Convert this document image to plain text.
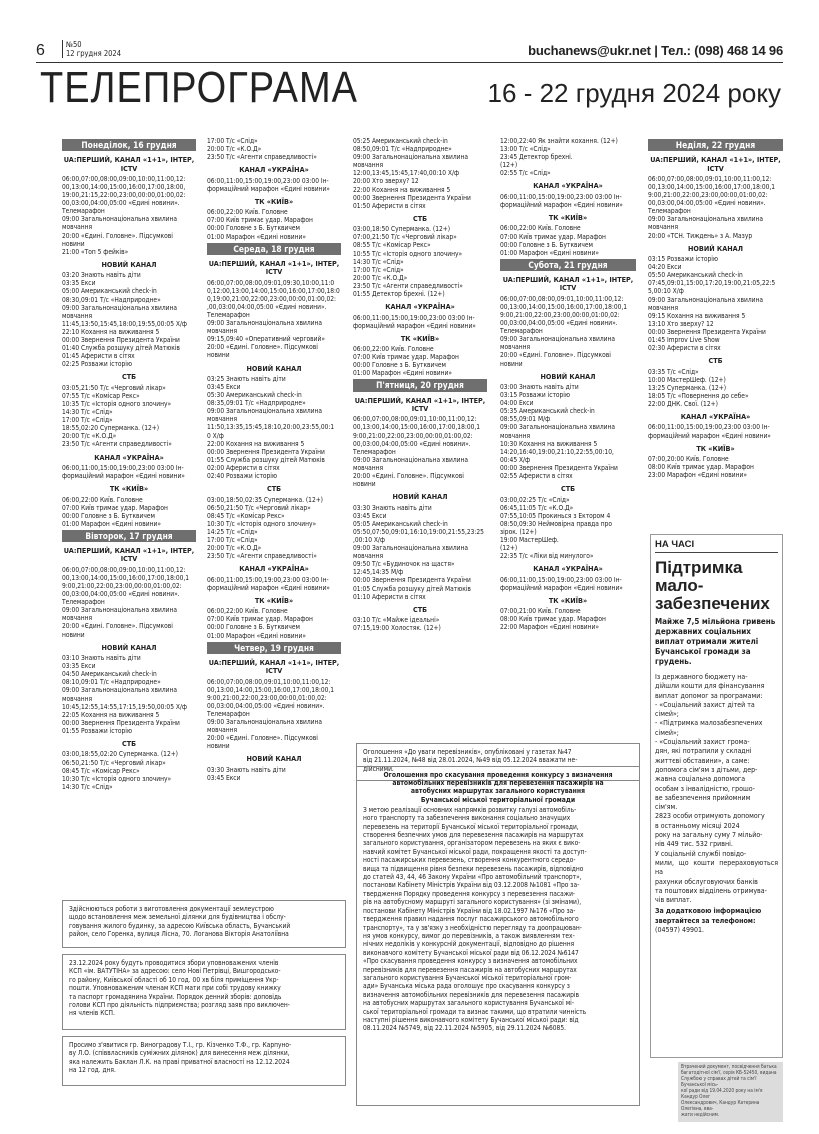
6	№50
12 грудня 2024	buchanews@ukr.net | Тел.: (098) 468 14 96
ТЕЛЕПРОГРАМА	16 - 22 грудня 2024 року
Понеділок, 16 грудня
UA:ПЕРШИЙ, КАНАЛ «1+1», ІНТЕР,
ICTV
06:00,07:00,08:00,09:00,10:00,11:00,12:
00,13:00,14:00,15:00,16:00,17:00,18:00,
19:00,21:15,22:00,23:00,00:00,01:00,02:
00,03:00,04:00,05:00 «Єдині новини».
Телемарафон
09:00 Загальнонаціональна хвилина
мовчання
20:00 «Єдині. Головне». Підсумкові
новини
21:00 «Топ 5 фейків»
НОВИЙ КАНАЛ
03:20 Знають навіть діти
03:35 Екси
05:00 Американський check-in
08:30,09:01 Т/с «Надприродне»
09:00 Загальнонаціональна хвилина
мовчання
11:45,13:50,15:45,18:00,19:55,00:05 Х/ф
22:10 Кохання на виживання 5
00:00 Звернення Президента України
01:40 Служба розшуку дітей Матюків
01:45 Аферисти в сітях
02:25 Розважи історію
СТБ
03:05,21:50 Т/с «Черговий лікар»
07:55 Т/с «Комісар Рекс»
10:35 Т/с «Історія одного злочину»
14:30 Т/с «Слід»
17:00 Т/с «Слід»
18:55,02:20 Суперманка. (12+)
20:00 Т/с «К.О.Д»
23:50 Т/с «Агенти справедливості»
КАНАЛ «УКРАЇНА»
06:00,11:00,15:00,19:00,23:00 03:00 Ін-
формаційний марафон «Єдині новини»
ТК «КИЇВ»
06:00,22:00 Київ. Головне
07:00 Київ тримає удар. Марафон
00:00 Головне з Б. Бутквичем
01:00 Марафон «Єдині новини»
Вівторок, 17 грудня
UA:ПЕРШИЙ, КАНАЛ «1+1», ІНТЕР,
ICTV
06:00,07:00,08:00,09:00,10:00,11:00,12:
00,13:00,14:00,15:00,16:00,17:00,18:00,1
9:00,21:00,22:00,23:00,00:00,01:00,02:
00,03:00,04:00,05:00 «Єдині новини».
Телемарафон
09:00 Загальнонаціональна хвилина
мовчання
20:00 «Єдині. Головне». Підсумкові
новини
НОВИЙ КАНАЛ
03:10 Знають навіть діти
03:35 Екси
04:50 Американський check-in
08:10,09:01 Т/с «Надприродне»
09:00 Загальнонаціональна хвилина
мовчання
10:45,12:55,14:55,17:15,19:50,00:05 Х/ф
22:05 Кохання на виживання 5
00:00 Звернення Президента України
01:55 Розважи історію
СТБ
03:00,18:55,02:20 Суперманка. (12+)
06:50,21:50 Т/с «Черговий лікар»
08:45 Т/с «Комісар Рекс»
10:30 Т/с «Історія одного злочину»
14:30 Т/с «Слід»
17:00 Т/с «Слід»
20:00 Т/с «К.О.Д»
23:50 Т/с «Агенти справедливості»
КАНАЛ «УКРАЇНА»
06:00,11:00,15:00,19:00,23:00 03:00 Ін-
формаційний марафон «Єдині новини»
ТК «КИЇВ»
06:00,22:00 Київ. Головне
07:00 Київ тримає удар. Марафон
00:00 Головне з Б. Бутквичем
01:00 Марафон «Єдині новини»
Середа, 18 грудня
UA:ПЕРШИЙ, КАНАЛ «1+1», ІНТЕР,
ICTV
06:00,07:00,08:00,09:01,09:30,10:00,11:0
0,12:00,13:00,14:00,15:00,16:00,17:00,18:0
0,19:00,21:00,22:00,23:00,00:00,01:00,02:
,00,03:00,04:00,05:00 «Єдині новини».
Телемарафон
09:00 Загальнонаціональна хвилина
мовчання
09:15,09:40 «Оперативний черговий»
20:00 «Єдині. Головне». Підсумкові
новини
НОВИЙ КАНАЛ
03:25 Знають навіть діти
03:45 Екси
05:30 Американський check-in
08:35,09:01 Т/с «Надприродне»
09:00 Загальнонаціональна хвилина
мовчання
11:50,13:35,15:45,18:10,20:00,23:55,00:1
0 Х/ф
22:00 Кохання на виживання 5
00:00 Звернення Президента України
01:55 Служба розшуку дітей Матюків
02:00 Аферисти в сітях
02:40 Розважи історію
СТБ
03:00,18:50,02:35 Суперманка. (12+)
06:50,21:50 Т/с «Черговий лікар»
08:45 Т/с «Комісар Рекс»
10:30 Т/с «Історія одного злочину»
14:25 Т/с «Слід»
17:00 Т/с «Слід»
20:00 Т/с «К.О.Д»
23:50 Т/с «Агенти справедливості»
КАНАЛ «УКРАЇНА»
06:00,11:00,15:00,19:00,23:00 03:00 Ін-
формаційний марафон «Єдині новини»
ТК «КИЇВ»
06:00,22:00 Київ. Головне
07:00 Київ тримає удар. Марафон
00:00 Головне з Б. Бутквичем
01:00 Марафон «Єдині новини»
Четвер, 19 грудня
UA:ПЕРШИЙ, КАНАЛ «1+1», ІНТЕР,
ICTV
06:00,07:00,08:00,09:01,10:00,11:00,12:
00,13:00,14:00,15:00,16:00,17:00,18:00,1
9:00,21:00,22:00,23:00,00:00,01:00,02:
00,03:00,04:00,05:00 «Єдині новини».
Телемарафон
09:00 Загальнонаціональна хвилина
мовчання
20:00 «Єдині. Головне». Підсумкові
новини
НОВИЙ КАНАЛ
03:30 Знають навіть діти
03:45 Екси
05:25 Американський check-in
08:50,09:01 Т/с «Надприродне»
09:00 Загальнонаціональна хвилина
мовчання
12:00,13:45,15:45,17:40,00:10 Х/ф
20:00 Хто зверху? 12
22:00 Кохання на виживання 5
00:00 Звернення Президента України
01:50 Аферисти в сітях
СТБ
03:00,18:50 Суперманка. (12+)
07:00,21:50 Т/с «Черговий лікар»
08:55 Т/с «Комісар Рекс»
10:55 Т/с «Історія одного злочину»
14:30 Т/с «Слід»
17:00 Т/с «Слід»
20:00 Т/с «К.О.Д»
23:50 Т/с «Агенти справедливості»
01:55 Детектор брехні. (12+)
КАНАЛ «УКРАЇНА»
06:00,11:00,15:00,19:00,23:00 03:00 Ін-
формаційний марафон «Єдині новини»
ТК «КИЇВ»
06:00,22:00 Київ. Головне
07:00 Київ тримає удар. Марафон
00:00 Головне з Б. Бутквичем
01:00 Марафон «Єдині новини»
П'ятниця, 20 грудня
UA:ПЕРШИЙ, КАНАЛ «1+1», ІНТЕР,
ICTV
06:00,07:00,08:00,09:01,10:00,11:00,12:
00,13:00,14:00,15:00,16:00,17:00,18:00,1
9:00,21:00,22:00,23:00,00:00,01:00,02:
00,03:00,04:00,05:00 «Єдині новини».
Телемарафон
09:00 Загальнонаціональна хвилина
мовчання
20:00 «Єдині. Головне». Підсумкові
новини
НОВИЙ КАНАЛ
03:30 Знають навіть діти
03:45 Екси
05:05 Американський check-in
05:50,07:50,09:01,16:10,19:00,21:55,23:25
,00:10 Х/ф
09:00 Загальнонаціональна хвилина
мовчання
09:50 Т/с «Будиночок на щастя»
12:45,14:35 М/ф
00:00 Звернення Президента України
01:05 Служба розшуку дітей Матюків
01:10 Аферисти в сітях
СТБ
03:10 Т/с «Майже ідеальні»
07:15,19:00 Холостяк. (12+)
12:00,22:40 Як знайти кохання. (12+)
13:00 Т/с «Слід»
23:45 Детектор брехні.
(12+)
02:55 Т/с «Слід»
КАНАЛ «УКРАЇНА»
06:00,11:00,15:00,19:00,23:00 03:00 Ін-
формаційний марафон «Єдині новини»
ТК «КИЇВ»
06:00,22:00 Київ. Головне
07:00 Київ тримає удар. Марафон
00:00 Головне з Б. Бутквичем
01:00 Марафон «Єдині новини»
Субота, 21 грудня
UA:ПЕРШИЙ, КАНАЛ «1+1», ІНТЕР,
ICTV
06:00,07:00,08:00,09:01,10:00,11:00,12:
00,13:00,14:00,15:00,16:00,17:00,18:00,1
9:00,21:00,22:00,23:00,00:00,01:00,02:
00,03:00,04:00,05:00 «Єдині новини».
Телемарафон
09:00 Загальнонаціональна хвилина
мовчання
20:00 «Єдині. Головне». Підсумкові
новини
НОВИЙ КАНАЛ
03:00 Знають навіть діти
03:15 Розважи історію
04:00 Екси
05:35 Американський check-in
08:55,09:01 М/ф
09:00 Загальнонаціональна хвилина
мовчання
10:30 Кохання на виживання 5
14:20,16:40,19:00,21:10,22:55,00:10,
00:45 Х/ф
00:00 Звернення Президента України
02:55 Аферисти в сітях
СТБ
03:00,02:25 Т/с «Слід»
06:45,11:05 Т/с «К.О.Д»
07:55,10:05 Прокинься з Ектором 4
08:50,09:30 Неймовірна правда про
зірок. (12+)
19:00 МастерШеф.
(12+)
22:35 Т/с «Ліки від минулого»
КАНАЛ «УКРАЇНА»
06:00,11:00,15:00,19:00,23:00 03:00 Ін-
формаційний марафон «Єдині новини»
ТК «КИЇВ»
07:00,21:00 Київ. Головне
08:00 Київ тримає удар. Марафон
22:00 Марафон «Єдині новини»
Неділя, 22 грудня
UA:ПЕРШИЙ, КАНАЛ «1+1», ІНТЕР,
ICTV
06:00,07:00,08:00,09:01,10:00,11:00,12:
00,13:00,14:00,15:00,16:00,17:00,18:00,1
9:00,21:00,22:00,23:00,00:00,01:00,02:
00,03:00,04:00,05:00 «Єдині новини».
Телемарафон
09:00 Загальнонаціональна хвилина
мовчання
20:00 «ТСН. Тиждень» з А. Мазур
НОВИЙ КАНАЛ
03:15 Розважи історію
04:20 Екси
05:50 Американський check-in
07:45,09:01,15:00,17:20,19:00,21:05,22:5
5,00:10 Х/ф
09:00 Загальнонаціональна хвилина
мовчання
09:15 Кохання на виживання 5
13:10 Хто зверху? 12
00:00 Звернення Президента України
01:45 Improv Live Show
02:30 Аферисти в сітях
СТБ
03:35 Т/с «Слід»
10:00 МастерШеф. (12+)
13:25 Суперманка. (12+)
18:05 Т/с «Повернення до себе»
22:00 ДНК. Свої. (12+)
КАНАЛ «УКРАЇНА»
06:00,11:00,15:00,19:00,23:00 03:00 Ін-
формаційний марафон «Єдині новини»
ТК «КИЇВ»
07:00,20:00 Київ. Головне
08:00 Київ тримає удар. Марафон
23:00 Марафон «Єдині новини»
Здійснюються роботи з виготовлення документації землеустрою
щодо встановлення меж земельної ділянки для будівництва і обслу-
говування жилого будинку, за адресою Київська область, Бучанський
район, село Горенка, вулиця Лісна, 70. Логанова Вікторія Анатоліївна
23.12.2024 року будуть проводитися збори уповноважених членів
КСП «ім. ВАТУТІНА» за адресою: село Нові Петрівці, Вишгородсько-
го району, Київської області об 10 год. 00 хв біля приміщення Укр-
пошти. Уповноваженим членам КСП мати при собі трудову книжку
та паспорт громадянина України. Порядок денний зборів: доповідь
голови КСП про діяльність підприємства; розгляд заяв про виключен-
ня членів КСП.
Просимо з'явитися гр. Виноградову Т.І., гр. Кізченко Т.Ф., гр. Карпуно-
ву Л.О. (співвласників суміжних ділянок) для винесення меж ділянки,
яка належить Баклан Л.К. на праві приватної власності на 12.12.2024
на 12 год. дня.
Оголошення «До уваги перевізників», опубліковані у газетах №47
від 21.11.2024, №48 від 28.01.2024, №49 від 05.12.2024 вважати не-
дійсними.
Оголошення про скасування проведення конкурсу з визначення
автомобільних перевізників для перевезення пасажирів на
автобусних маршрутах загального користування
Бучанської міської територіальної громади
З метою реалізації основних напрямків розвитку галузі автомобіль-
ного транспорту та забезпечення виконання соціально значущих
перевезень на території Бучанської міської територіальної громади,
створення безпечних умов для перевезення пасажирів на маршрутах
загального користування, організатором перевезень на яких є вико-
навчий комітет Бучанської міської ради, покращення якості та доступ-
ності пасажирських перевезень, створення конкурентного середо-
вища та підвищення рівня безпеки перевезень пасажирів, відповідно
до статей 43, 44, 46 Закону України «Про автомобільний транспорт»,
постанови Кабінету Міністрів України від 03.12.2008 №1081 «Про за-
твердження Порядку проведення конкурсу з перевезення пасажи-
рів на автобусному маршруті загального користування» (зі змінами),
постанови Кабінету Міністрів України від 18.02.1997 №176 «Про за-
твердження правил надання послуг пасажирського автомобільного
транспорту», та у зв'язку з необхідністю перегляду та доопрацюван-
ня умов конкурсу, вимог до перевізників, а також виявленням тех-
нічних недоліків у конкурсній документації, відповідно до рішення
виконавчого комітету Бучанської міської ради від 06.12.2024 №6147
«Про скасування проведення конкурсу з визначення автомобільних
перевізників для перевезення пасажирів на автобусних маршрутах
загального користування Бучанської міської територіальної гром-
ади» Бучанська міська рада оголошує про скасування конкурсу з
визначення автомобільних перевізників для перевезення пасажирів
на автобусних маршрутах загального користування Бучанської мі-
ської територіальної громади та визнає такими, що втратили чинність
наступні рішення виконавчого комітету Бучанської міської ради: від
08.11.2024 №5749, від 22.11.2024 №5905, від 29.11.2024 №6085.
НА ЧАСІ
Підтримка
мало-
забезпечених
Майже 7,5 мільйона гривень
державних соціальних
виплат отримали жителі
Бучанської громади за
грудень.
Із державного бюджету на-
дійшли кошти для фінансування
виплат допомог за програмами:
- «Соціальний захист дітей та
сімей»;
- «Підтримка малозабезпечених
сімей»;
- «Соціальний захист грома-
дян, які потрапили у складні
життєві обставини», а саме:
допомога сім'ям з дітьми, дер-
жавна соціальна допомога
особам з інвалідністю, грошо-
ве забезпечення прийомним
сім'ям.
2823 особи отримують допомогу
в останньому місяці 2024
року на загальну суму 7 мільйо-
нів 449 тис. 532 гривні.
У соціальній службі повідо-
мили, що кошти перераховуються на
рахунки обслуговуючих банків
та поштових відділень отримува-
чів виплат.
За додатковою інформацією
звертайтеся за телефоном:
(04597) 49901.
Втрачений документ, посвідчення батька
багатодітної сім'ї, серія КБ-52450, видана
Службою у справах дітей та сім'ї Бучанської місь-
кої ради від 19.04.2020 року на ім'я Кандур Олег
Олександрович, Кандур Катерина Олегівна, вва-
жати недійсним.
